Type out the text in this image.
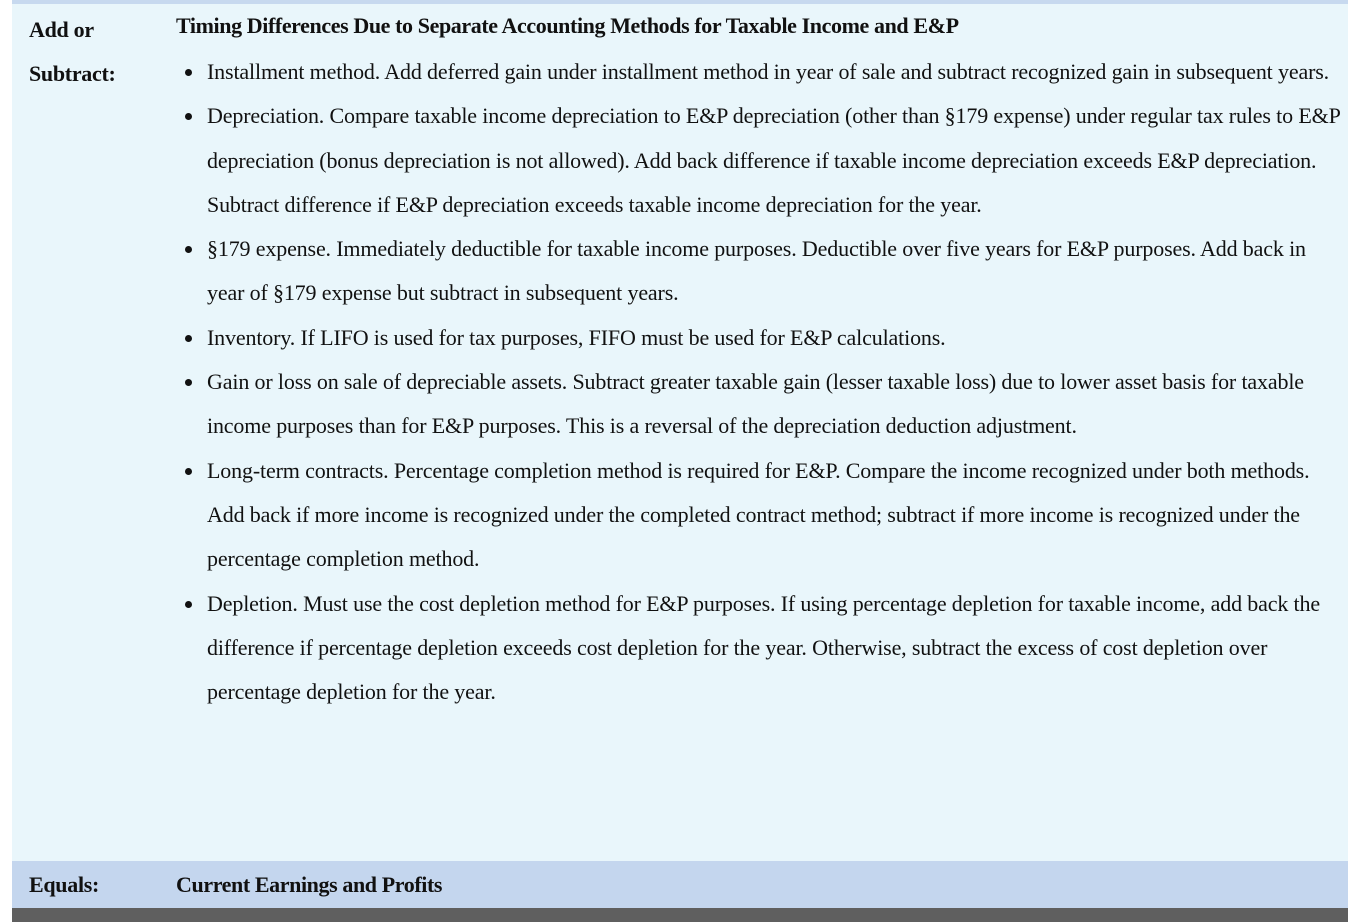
Add or Subtract:
Timing Differences Due to Separate Accounting Methods for Taxable Income and E&P
Installment method. Add deferred gain under installment method in year of sale and subtract recognized gain in subsequent years.
Depreciation. Compare taxable income depreciation to E&P depreciation (other than §179 expense) under regular tax rules to E&P depreciation (bonus depreciation is not allowed). Add back difference if taxable income depreciation exceeds E&P depreciation. Subtract difference if E&P depreciation exceeds taxable income depreciation for the year.
§179 expense. Immediately deductible for taxable income purposes. Deductible over five years for E&P purposes. Add back in year of §179 expense but subtract in subsequent years.
Inventory. If LIFO is used for tax purposes, FIFO must be used for E&P calculations.
Gain or loss on sale of depreciable assets. Subtract greater taxable gain (lesser taxable loss) due to lower asset basis for taxable income purposes than for E&P purposes. This is a reversal of the depreciation deduction adjustment.
Long-term contracts. Percentage completion method is required for E&P. Compare the income recognized under both methods. Add back if more income is recognized under the completed contract method; subtract if more income is recognized under the percentage completion method.
Depletion. Must use the cost depletion method for E&P purposes. If using percentage depletion for taxable income, add back the difference if percentage depletion exceeds cost depletion for the year. Otherwise, subtract the excess of cost depletion over percentage depletion for the year.
Equals:	Current Earnings and Profits
